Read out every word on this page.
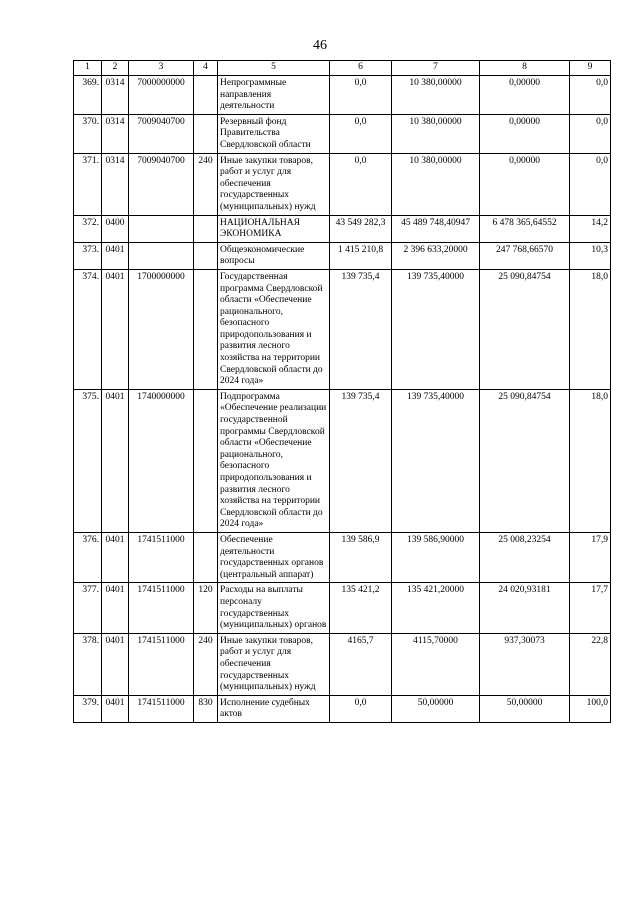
46
1	2	3	4	5	6	7	8	9
369.	0314	7000000000		Непрограммные направления деятельности	0,0	10 380,00000	0,00000	0,0
370.	0314	7009040700		Резервный фонд Правительства Свердловской области	0,0	10 380,00000	0,00000	0,0
371.	0314	7009040700	240	Иные закупки товаров, работ и услуг для обеспечения государственных (муниципальных) нужд	0,0	10 380,00000	0,00000	0,0
372.	0400			НАЦИОНАЛЬНАЯ ЭКОНОМИКА	43 549 282,3	45 489 748,40947	6 478 365,64552	14,2
373.	0401			Общеэкономические вопросы	1 415 210,8	2 396 633,20000	247 768,66570	10,3
374.	0401	1700000000		Государственная программа Свердловской области «Обеспечение рационального, безопасного природопользования и развития лесного хозяйства на территории Свердловской области до 2024 года»	139 735,4	139 735,40000	25 090,84754	18,0
375.	0401	1740000000		Подпрограмма «Обеспечение реализации государственной программы Свердловской области «Обеспечение рационального, безопасного природопользования и развития лесного хозяйства на территории Свердловской области до 2024 года»	139 735,4	139 735,40000	25 090,84754	18,0
376.	0401	1741511000		Обеспечение деятельности государственных органов (центральный аппарат)	139 586,9	139 586,90000	25 008,23254	17,9
377.	0401	1741511000	120	Расходы на выплаты персоналу государственных (муниципальных) органов	135 421,2	135 421,20000	24 020,93181	17,7
378.	0401	1741511000	240	Иные закупки товаров, работ и услуг для обеспечения государственных (муниципальных) нужд	4165,7	4115,70000	937,30073	22,8
379.	0401	1741511000	830	Исполнение судебных актов	0,0	50,00000	50,00000	100,0
